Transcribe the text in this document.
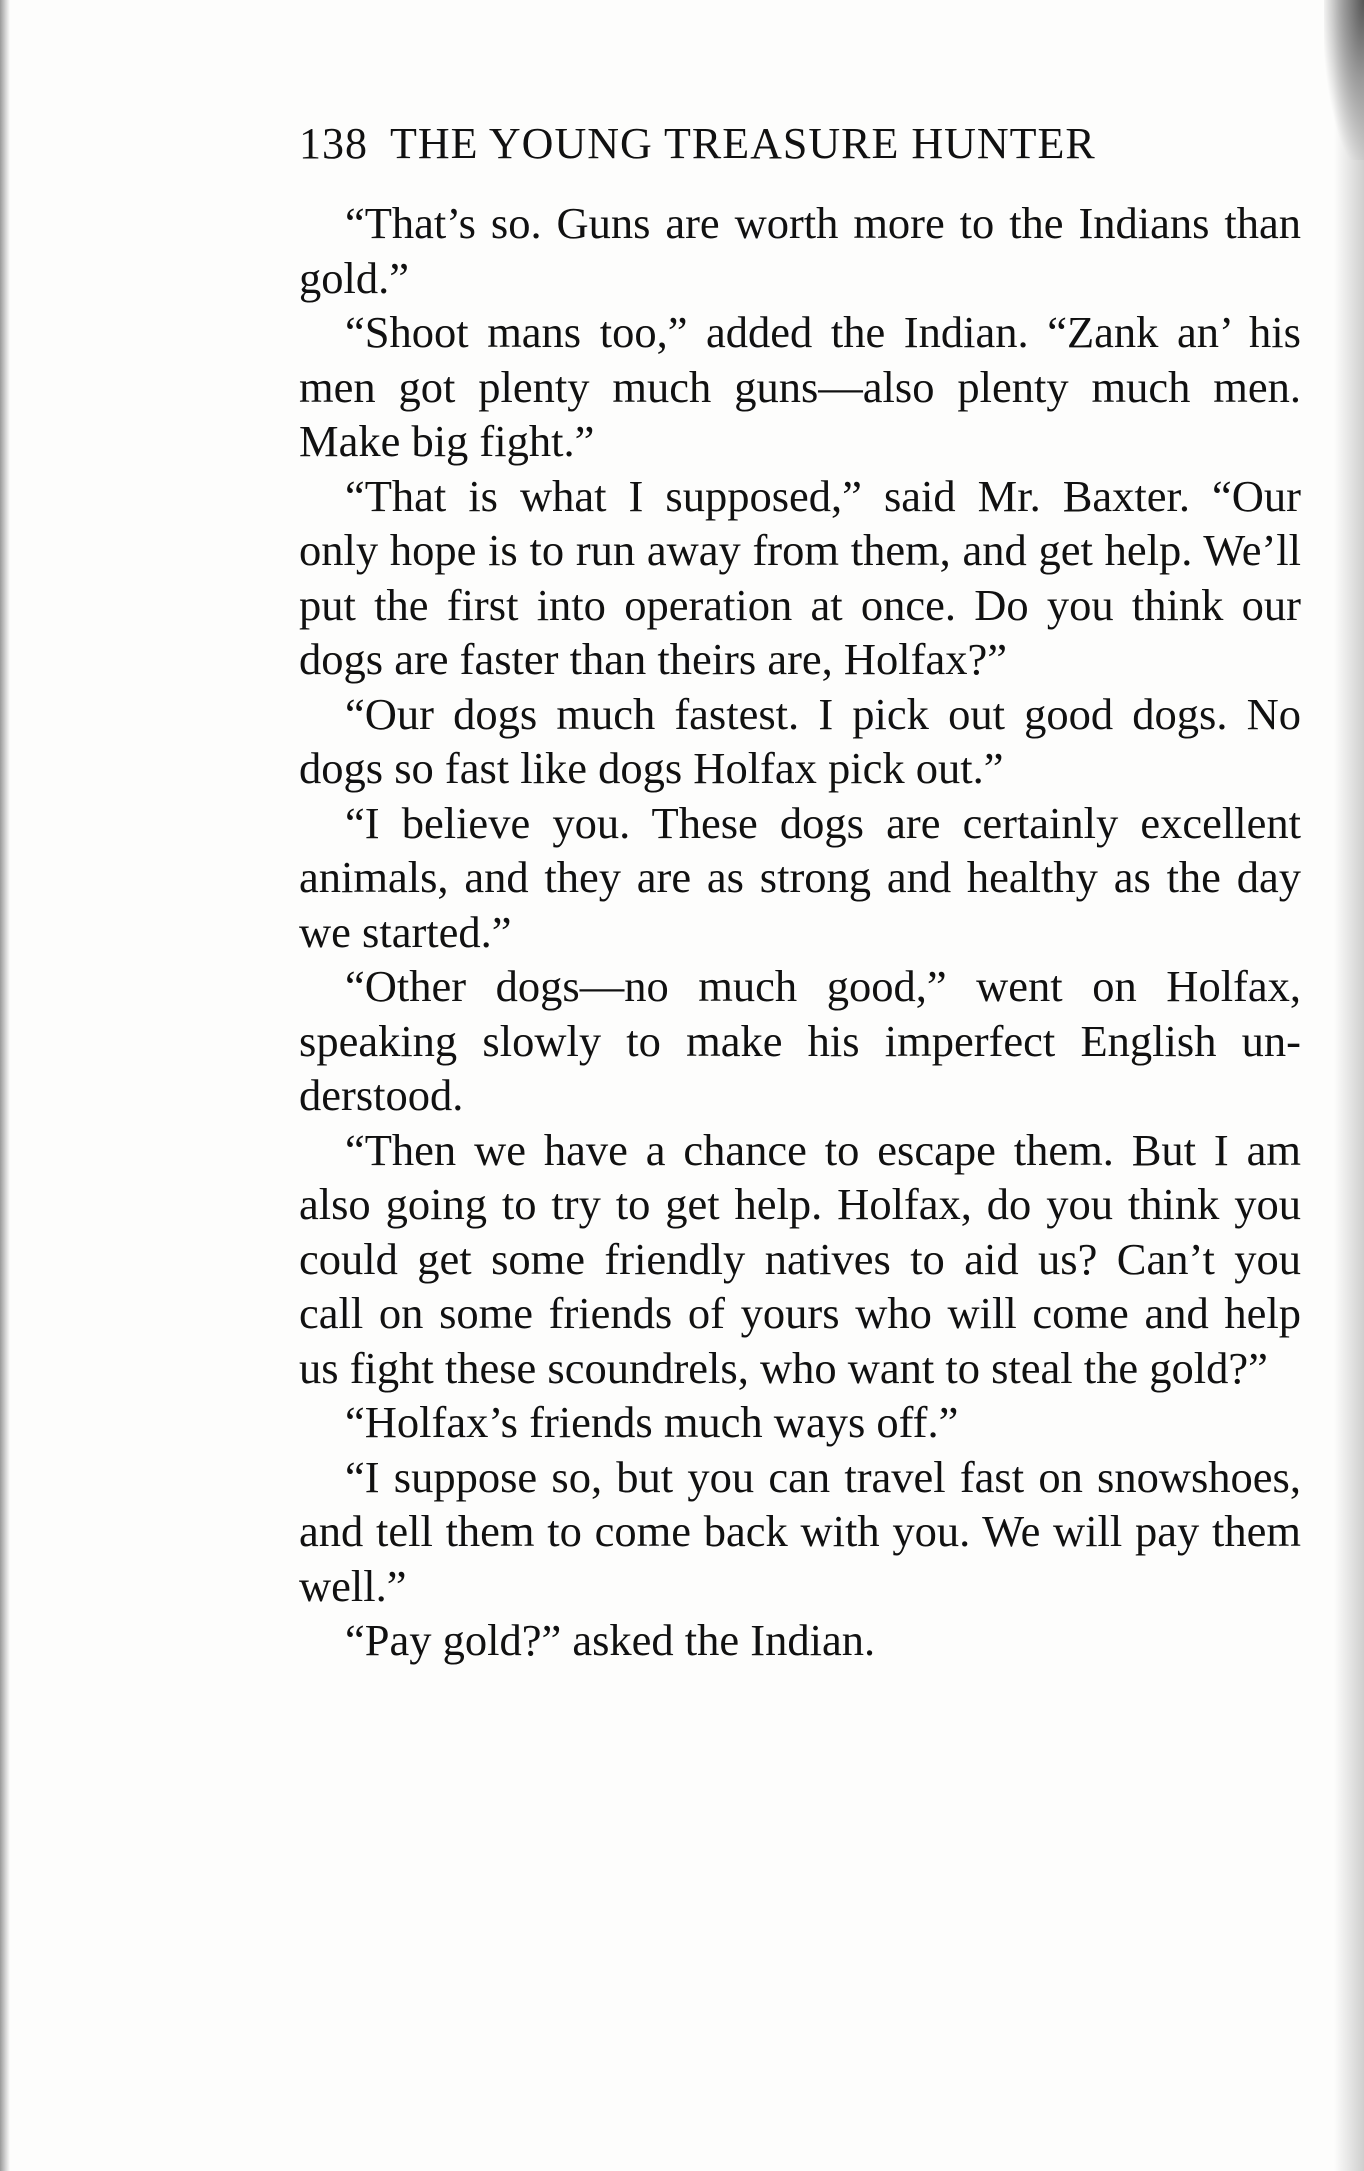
138 THE YOUNG TREASURE HUNTER

“That’s so. Guns are worth more to the Indians than gold.”

“Shoot mans too,” added the Indian. “Zank an’ his men got plenty much guns—also plenty much men. Make big fight.”

“That is what I supposed,” said Mr. Baxter. “Our only hope is to run away from them, and get help. We’ll put the first into operation at once. Do you think our dogs are faster than theirs are, Holfax?”

“Our dogs much fastest. I pick out good dogs. No dogs so fast like dogs Holfax pick out.”

“I believe you. These dogs are certainly excellent animals, and they are as strong and healthy as the day we started.”

“Other dogs—no much good,” went on Holfax, speaking slowly to make his imperfect English understood.

“Then we have a chance to escape them. But I am also going to try to get help. Holfax, do you think you could get some friendly natives to aid us? Can’t you call on some friends of yours who will come and help us fight these scoundrels, who want to steal the gold?”

“Holfax’s friends much ways off.”

“I suppose so, but you can travel fast on snowshoes, and tell them to come back with you. We will pay them well.”

“Pay gold?” asked the Indian.
